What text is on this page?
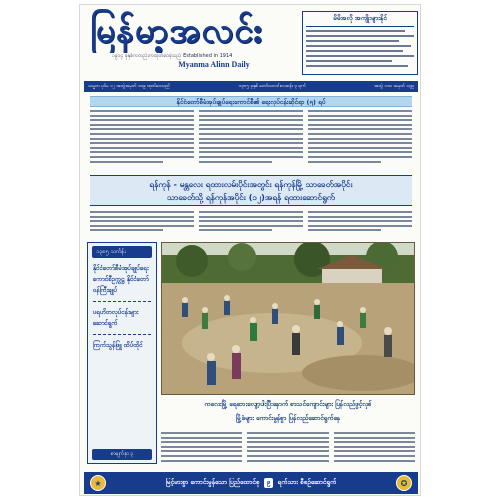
မြန်မာ့အလင်း
၁၉၁၄ ခုနှစ်ကတည်းကထုတ်ဝေခဲ့သည် Established in 1914
Myanma Alinn Daily
မိမိအလို အကျိုးများနိုင်
သမ္မတ ပုဒ်မ ၁၂ အတွဲအမှတ် ၁၀၉ ထုတ်ဝေသည်	၁၃၈၅ ခုနှစ် တော်သလင်းလဆန်း ၃ ရက်	အတွဲ ၁၁၀ အမှတ် ၁၃၉
နိုင်ငံတော်စီမံအုပ်ချုပ်ရေးကောင်စီ၏ ရေးလုပ်ငန်းဆိုင်ရာ (၅) ရပ်
ရန်ကုန် - မန္တလေး ရထားလမ်းပိုင်းအတွင်း ရန်ကုန်မြို့ သာခေတ်အပိုင်း
သာခေတ်သို့ ရန်ကုန်အပိုင်း (၁၂)အရန် ရထားဆောင်ရွက်
၁၃၈၅ သင်္ကန်း
နိုင်ငံတော်စီမံအုပ်ချုပ်ရေးကောင်စီဥက္ကဋ္ဌ နိုင်ငံတော်ဝန်ကြီးချုပ်
ပရဟိတလုပ်ငန်းများ ဆောင်ရွက်
ကြက်သွန်ဖြူ ထိပ်ထိုင်
စာမျက်နှာ ၃
ကလေးမြို့ ရေဘေးလျော့ပါးပြီးနောက် စာသင်ကျောင်းများ ပြန်လည်ဖွင့်လှစ်
မြို့ခံများ ကောင်းမွန်စွာ ပြန်လည်ဆောင်ရွက်နေ
★	မြင့်မားစွာ ကောင်းမွန်သော ပြည်ထောင်စု ၉ ရက်သား စီစဉ်ဆောင်ရွက်	✪
